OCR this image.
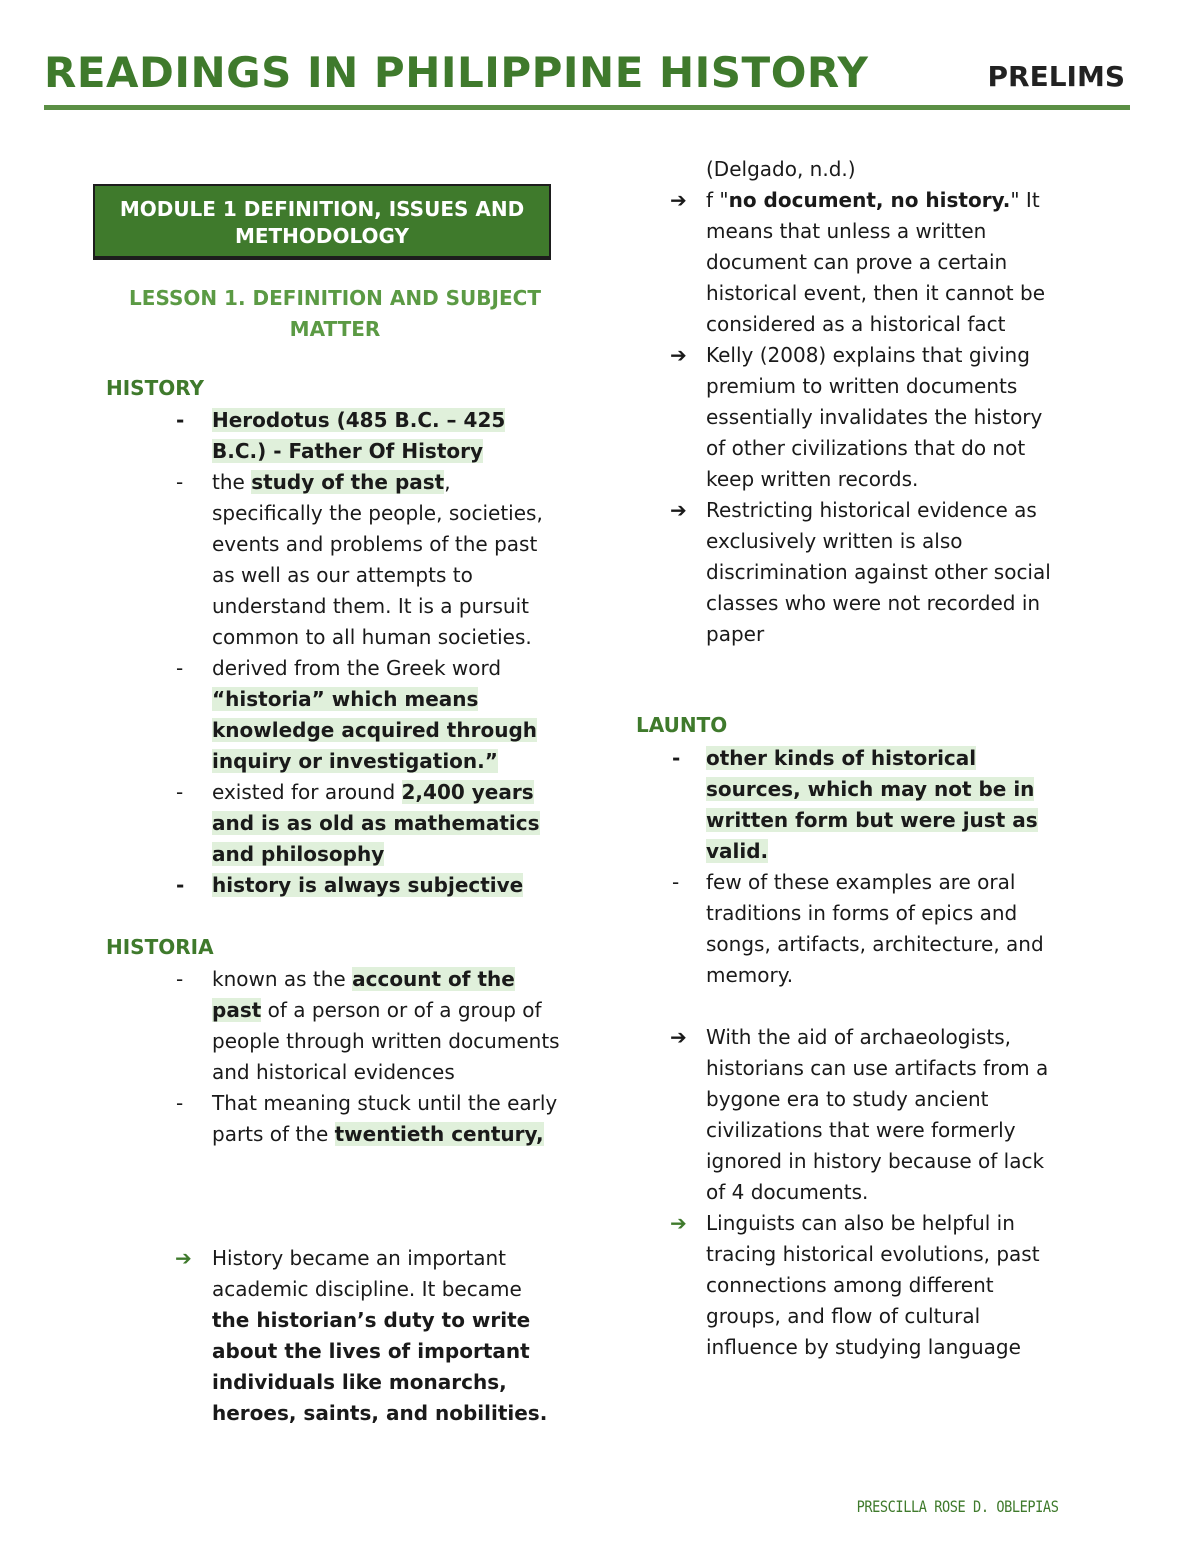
READINGS IN PHILIPPINE HISTORY	PRELIMS
MODULE 1 DEFINITION, ISSUES AND METHODOLOGY
LESSON 1. DEFINITION AND SUBJECT MATTER
HISTORY
- Herodotus (485 B.C. – 425 B.C.) - Father Of History
- the study of the past, specifically the people, societies, events and problems of the past as well as our attempts to understand them. It is a pursuit common to all human societies.
- derived from the Greek word “historia” which means knowledge acquired through inquiry or investigation.”
- existed for around 2,400 years and is as old as mathematics and philosophy
- history is always subjective
HISTORIA
- known as the account of the past of a person or of a group of people through written documents and historical evidences
- That meaning stuck until the early parts of the twentieth century,
➔ History became an important academic discipline. It became the historian’s duty to write about the lives of important individuals like monarchs, heroes, saints, and nobilities.
(Delgado, n.d.)
➔ f "no document, no history." It means that unless a written document can prove a certain historical event, then it cannot be considered as a historical fact
➔ Kelly (2008) explains that giving premium to written documents essentially invalidates the history of other civilizations that do not keep written records.
➔ Restricting historical evidence as exclusively written is also discrimination against other social classes who were not recorded in paper
LAUNTO
- other kinds of historical sources, which may not be in written form but were just as valid.
- few of these examples are oral traditions in forms of epics and songs, artifacts, architecture, and memory.
➔ With the aid of archaeologists, historians can use artifacts from a bygone era to study ancient civilizations that were formerly ignored in history because of lack of 4 documents.
➔ Linguists can also be helpful in tracing historical evolutions, past connections among different groups, and flow of cultural influence by studying language
PRESCILLA ROSE D. OBLEPIAS
